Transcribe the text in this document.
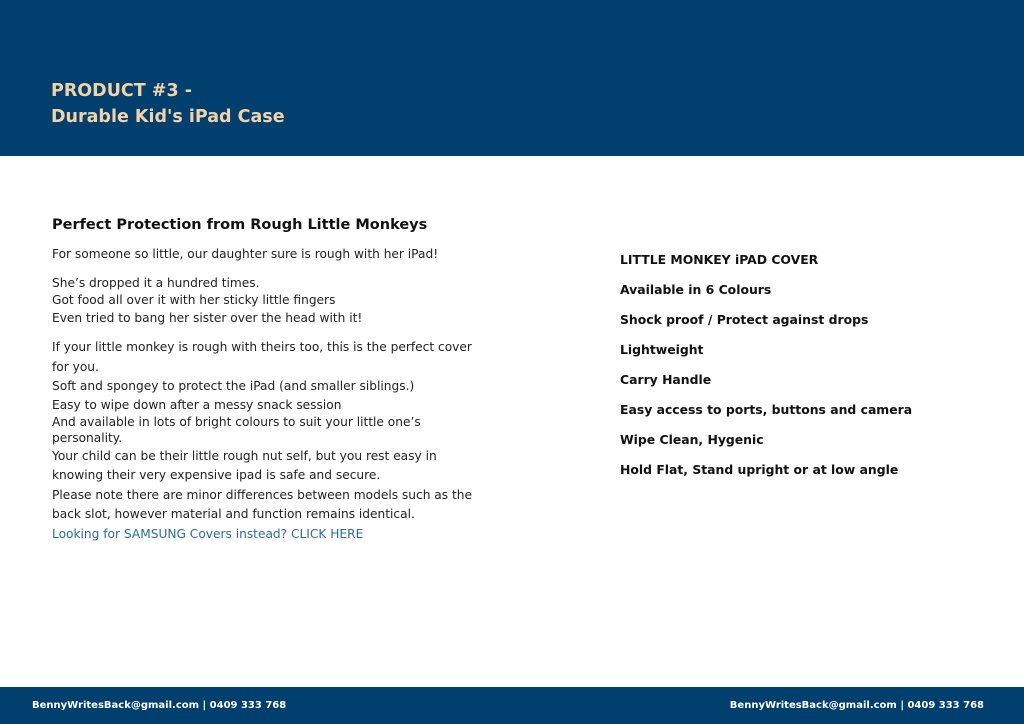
PRODUCT #3 -
Durable Kid's iPad Case
Perfect Protection from Rough Little Monkeys

For someone so little, our daughter sure is rough with her iPad!

She’s dropped it a hundred times.
Got food all over it with her sticky little fingers
Even tried to bang her sister over the head with it!

If your little monkey is rough with theirs too, this is the perfect cover for you.
Soft and spongey to protect the iPad (and smaller siblings.)
Easy to wipe down after a messy snack session
And available in lots of bright colours to suit your little one’s personality.
Your child can be their little rough nut self, but you rest easy in knowing their very expensive ipad is safe and secure.
Please note there are minor differences between models such as the back slot, however material and function remains identical.
Looking for SAMSUNG Covers instead? CLICK HERE

LITTLE MONKEY iPAD COVER
Available in 6 Colours
Shock proof / Protect against drops
Lightweight
Carry Handle
Easy access to ports, buttons and camera
Wipe Clean, Hygenic
Hold Flat, Stand upright or at low angle
BennyWritesBack@gmail.com | 0409 333 768	BennyWritesBack@gmail.com | 0409 333 768
